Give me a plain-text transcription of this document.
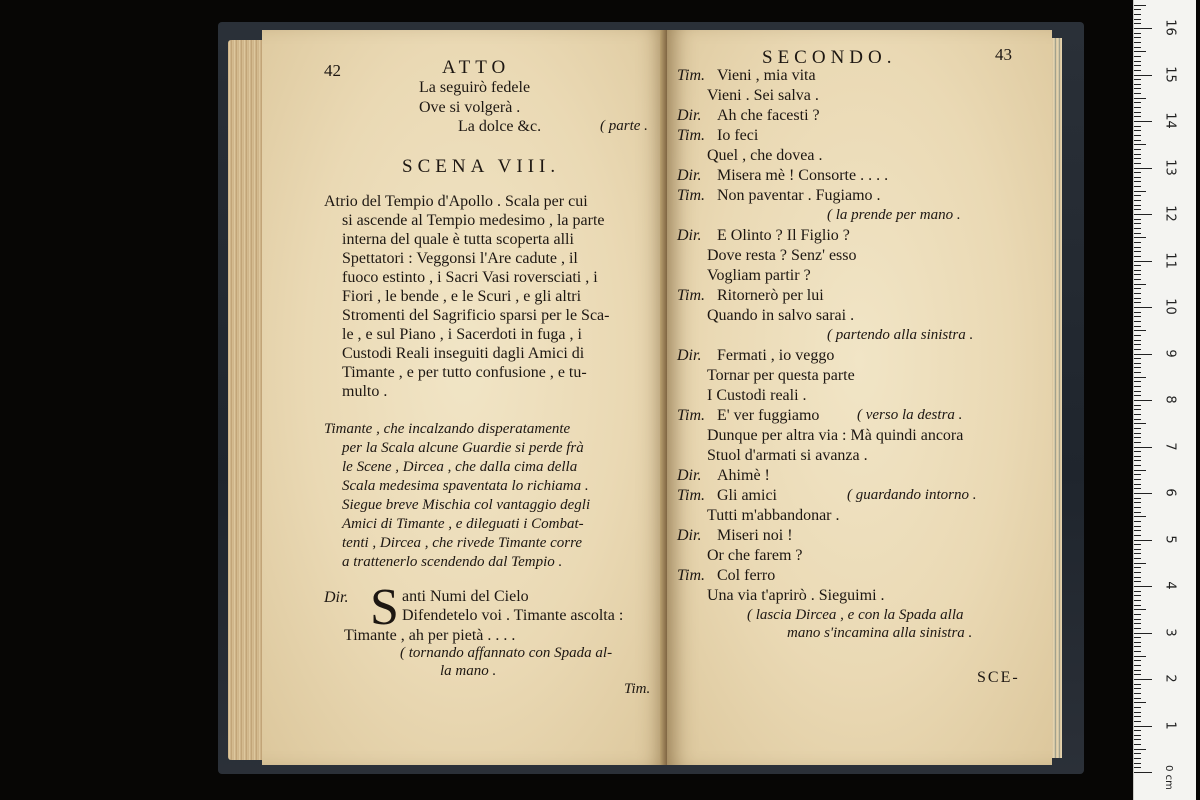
42	ATTO
La seguirò fedele
Ove si volgerà .
La dolce &c.	( parte .
SCENA VIII.
Atrio del Tempio d'Apollo . Scala per cui
si ascende al Tempio medesimo , la parte
interna del quale è tutta scoperta alli
Spettatori : Veggonsi l'Are cadute , il
fuoco estinto , i Sacri Vasi roversciati , i
Fiori , le bende , e le Scuri , e gli altri
Stromenti del Sagrificio sparsi per le Sca-
le , e sul Piano , i Sacerdoti in fuga , i
Custodi Reali inseguiti dagli Amici di
Timante , e per tutto confusione , e tu-
multo .
Timante , che incalzando disperatamente
per la Scala alcune Guardie si perde frà
le Scene , Dircea , che dalla cima della
Scala medesima spaventata lo richiama .
Siegue breve Mischia col vantaggio degli
Amici di Timante , e dileguati i Combat-
tenti , Dircea , che rivede Timante corre
a trattenerlo scendendo dal Tempio .
Dir. S anti Numi del Cielo
Difendetelo voi . Timante ascolta :
Timante , ah per pietà . . . .
( tornando affannato con Spada al-
la mano .
Tim.
SECONDO.	43
Tim. Vieni , mia vita
Vieni . Sei salva .
Dir. Ah che facesti ?
Tim. Io feci
Quel , che dovea .
Dir. Misera mè ! Consorte . . . .
Tim. Non paventar . Fugiamo .
( la prende per mano .
Dir. E Olinto ? Il Figlio ?
Dove resta ? Senz' esso
Vogliam partir ?
Tim. Ritornerò per lui
Quando in salvo sarai .
( partendo alla sinistra .
Dir. Fermati , io veggo
Tornar per questa parte
I Custodi reali .
Tim. E' ver fuggiamo	( verso la destra .
Dunque per altra via : Mà quindi ancora
Stuol d'armati si avanza .
Dir. Ahimè !
Tim. Gli amici	( guardando intorno .
Tutti m'abbandonar .
Dir. Miseri noi !
Or che farem ?
Tim. Col ferro
Una via t'aprirò . Sieguimi .
( lascia Dircea , e con la Spada alla
mano s'incamina alla sinistra .
SCE-
0 cm
1
2
3
4
5
6
7
8
9
10
11
12
13
14
15
16
